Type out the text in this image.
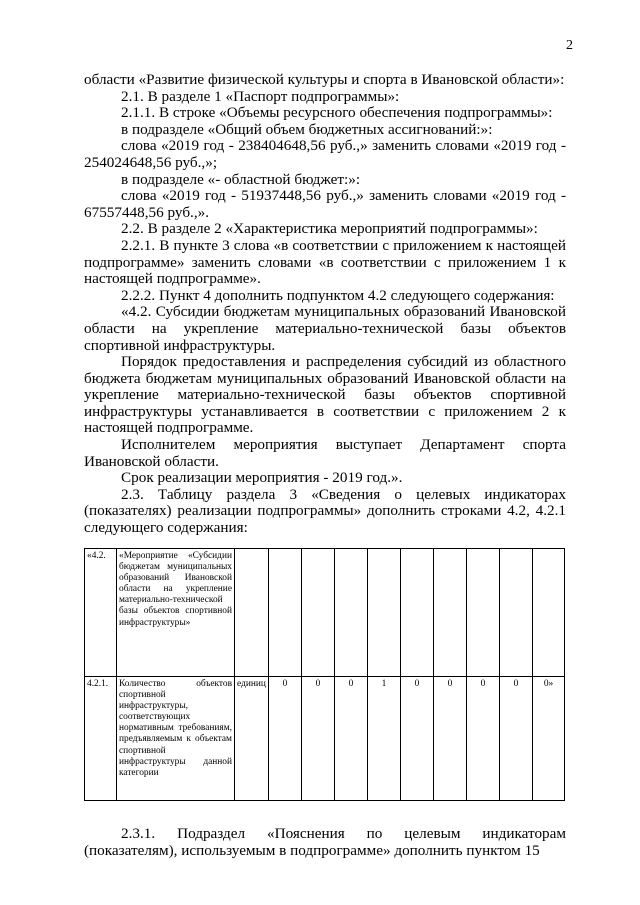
2

области «Развитие физической культуры и спорта в Ивановской области»:

2.1. В разделе 1 «Паспорт подпрограммы»:

2.1.1. В строке «Объемы ресурсного обеспечения подпрограммы»:

в подразделе «Общий объем бюджетных ассигнований:»:

слова «2019 год - 238404648,56 руб.,» заменить словами «2019 год - 254024648,56 руб.,»;

в подразделе «- областной бюджет:»:

слова «2019 год - 51937448,56 руб.,» заменить словами «2019 год - 67557448,56 руб.,».

2.2. В разделе 2 «Характеристика мероприятий подпрограммы»:

2.2.1. В пункте 3 слова «в соответствии с приложением к настоящей подпрограмме» заменить словами «в соответствии с приложением 1 к настоящей подпрограмме».

2.2.2. Пункт 4 дополнить подпунктом 4.2 следующего содержания:

«4.2. Субсидии бюджетам муниципальных образований Ивановской области на укрепление материально-технической базы объектов спортивной инфраструктуры.

Порядок предоставления и распределения субсидий из областного бюджета бюджетам муниципальных образований Ивановской области на укрепление материально-технической базы объектов спортивной инфраструктуры устанавливается в соответствии с приложением 2 к настоящей подпрограмме.

Исполнителем мероприятия выступает Департамент спорта Ивановской области.

Срок реализации мероприятия - 2019 год.».

2.3. Таблицу раздела 3 «Сведения о целевых индикаторах (показателях) реализации подпрограммы» дополнить строками 4.2, 4.2.1 следующего содержания:

«4.2.	«Мероприятие «Субсидии бюджетам муниципальных образований Ивановской области на укрепление материально-технической базы объектов спортивной инфраструктуры»										
4.2.1.	Количество объектов спортивной инфраструктуры, соответствующих нормативным требованиям, предъявляемым к объектам спортивной инфраструктуры данной категории	единиц	0	0	0	1	0	0	0	0	0»

2.3.1. Подраздел «Пояснения по целевым индикаторам (показателям), используемым в подпрограмме» дополнить пунктом 15
